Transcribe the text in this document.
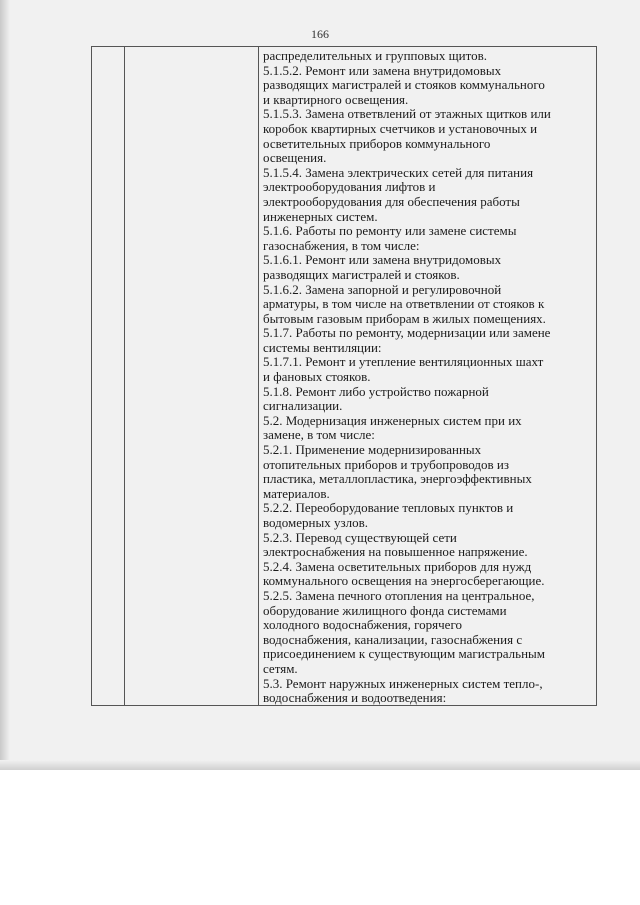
166

распределительных и групповых щитов.

5.1.5.2. Ремонт или замена внутридомовых

разводящих магистралей и стояков коммунального

и квартирного освещения.

5.1.5.3. Замена ответвлений от этажных щитков или

коробок квартирных счетчиков и установочных и

осветительных приборов коммунального

освещения.

5.1.5.4. Замена электрических сетей для питания

электрооборудования лифтов и

электрооборудования для обеспечения работы

инженерных систем.

5.1.6. Работы по ремонту или замене системы

газоснабжения, в том числе:

5.1.6.1. Ремонт или замена внутридомовых

разводящих магистралей и стояков.

5.1.6.2. Замена запорной и регулировочной

арматуры, в том числе на ответвлении от стояков к

бытовым газовым приборам в жилых помещениях.

5.1.7. Работы по ремонту, модернизации или замене

системы вентиляции:

5.1.7.1. Ремонт и утепление вентиляционных шахт

и фановых стояков.

5.1.8. Ремонт либо устройство пожарной

сигнализации.

5.2. Модернизация инженерных систем при их

замене, в том числе:

5.2.1. Применение модернизированных

отопительных приборов и трубопроводов из

пластика, металлопластика, энергоэффективных

материалов.

5.2.2. Переоборудование тепловых пунктов и

водомерных узлов.

5.2.3. Перевод существующей сети

электроснабжения на повышенное напряжение.

5.2.4. Замена осветительных приборов для нужд

коммунального освещения на энергосберегающие.

5.2.5. Замена печного отопления на центральное,

оборудование жилищного фонда системами

холодного водоснабжения, горячего

водоснабжения, канализации, газоснабжения с

присоединением к существующим магистральным

сетям.

5.3. Ремонт наружных инженерных систем тепло-,

водоснабжения и водоотведения:
